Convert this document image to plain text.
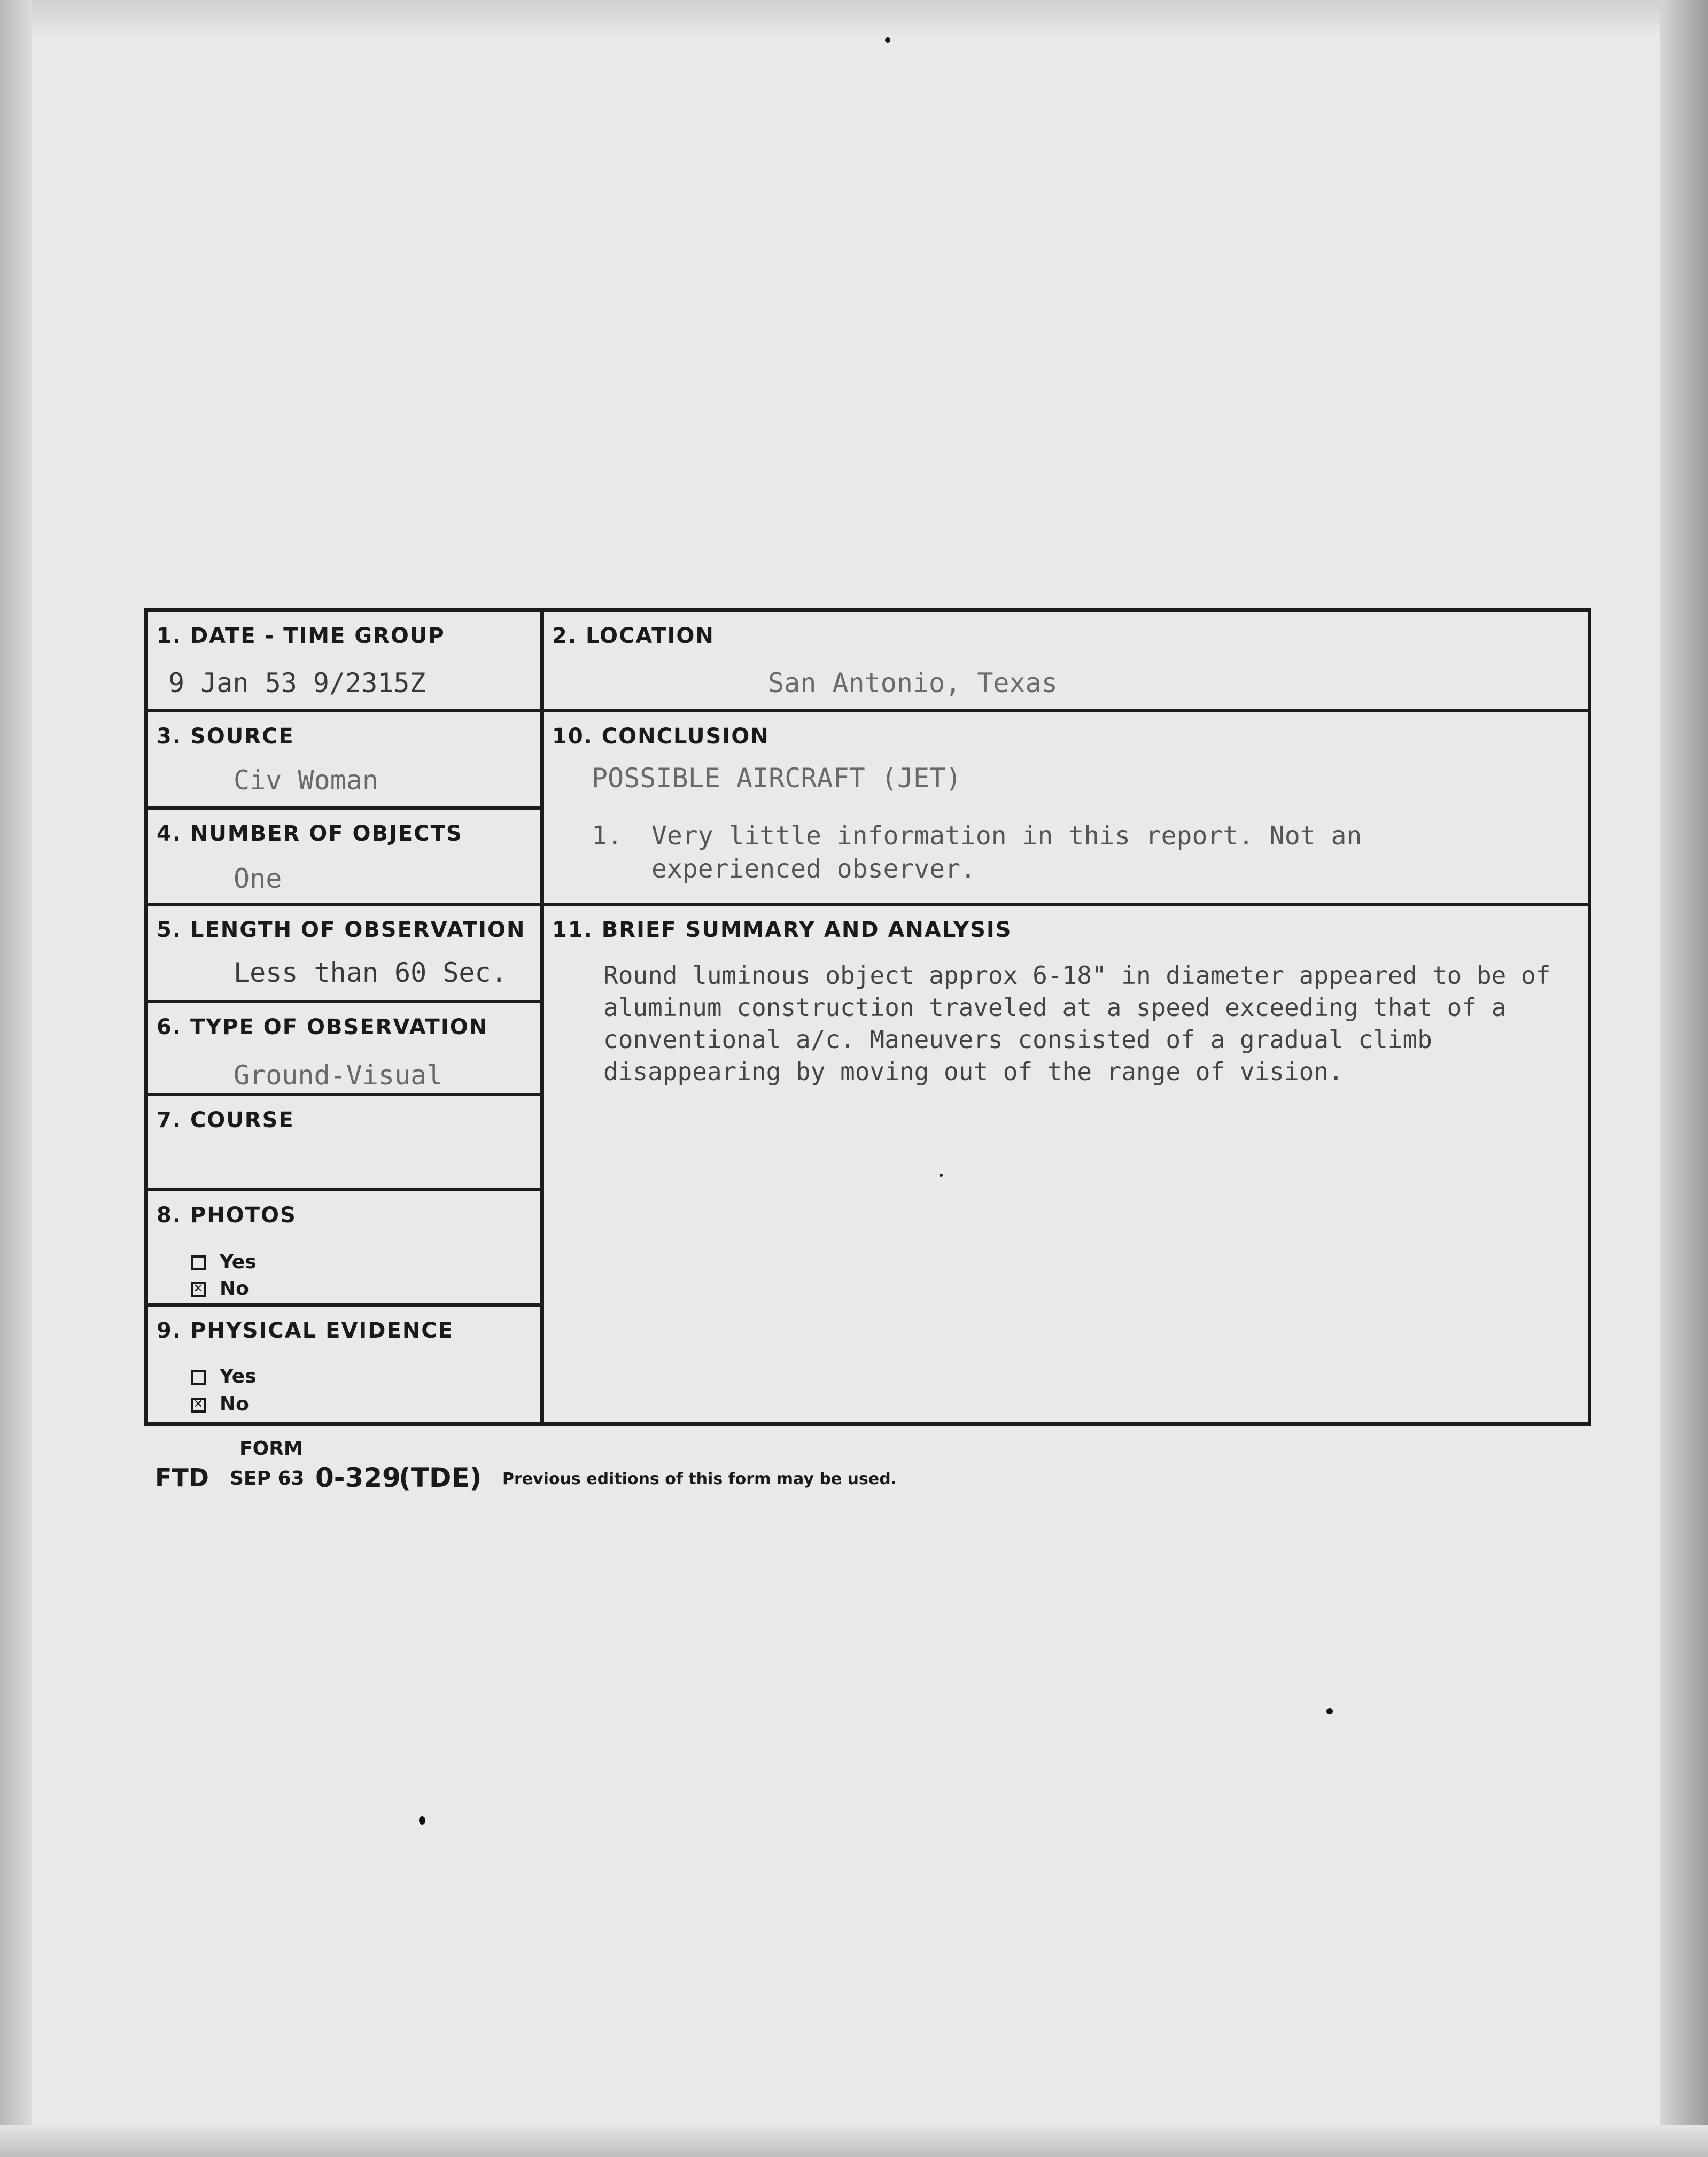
1. DATE - TIME GROUP
9 Jan 53 9/2315Z
3. SOURCE
Civ Woman
4. NUMBER OF OBJECTS
One
5. LENGTH OF OBSERVATION
Less than 60 Sec.
6. TYPE OF OBSERVATION
Ground-Visual
7. COURSE
8. PHOTOS
Yes
✕ No
9. PHYSICAL EVIDENCE
Yes
✕ No
2. LOCATION
San Antonio, Texas
10. CONCLUSION
POSSIBLE AIRCRAFT (JET)
1. Very little information in this report. Not an experienced observer.
11. BRIEF SUMMARY AND ANALYSIS
Round luminous object approx 6-18" in diameter appeared to be of aluminum construction traveled at a speed exceeding that of a conventional a/c. Maneuvers consisted of a gradual climb disappearing by moving out of the range of vision.
FORM
FTD SEP 63 0-329
(TDE) Previous editions of this form may be used.
